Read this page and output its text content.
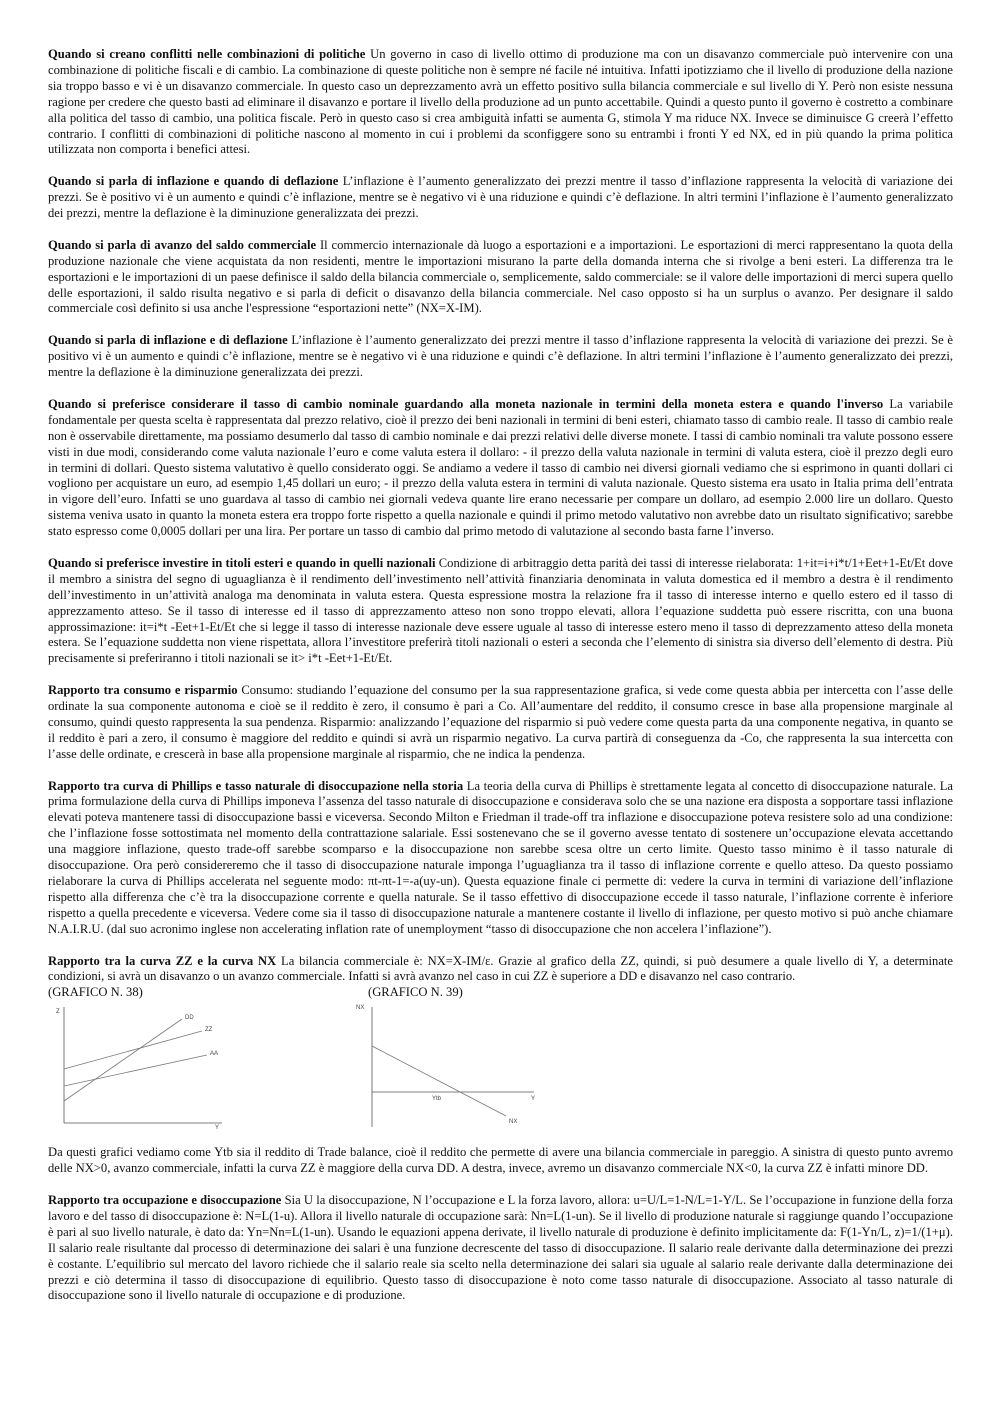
Quando si creano conflitti nelle combinazioni di politiche Un governo in caso di livello ottimo di produzione ma con un disavanzo commerciale può intervenire con una combinazione di politiche fiscali e di cambio. La combinazione di queste politiche non è sempre né facile né intuitiva. Infatti ipotizziamo che il livello di produzione della nazione sia troppo basso e vi è un disavanzo commerciale. In questo caso un deprezzamento avrà un effetto positivo sulla bilancia commerciale e sul livello di Y. Però non esiste nessuna ragione per credere che questo basti ad eliminare il disavanzo e portare il livello della produzione ad un punto accettabile. Quindi a questo punto il governo è costretto a combinare alla politica del tasso di cambio, una politica fiscale. Però in questo caso si crea ambiguità infatti se aumenta G, stimola Y ma riduce NX. Invece se diminuisce G creerà l’effetto contrario. I conflitti di combinazioni di politiche nascono al momento in cui i problemi da sconfiggere sono su entrambi i fronti Y ed NX, ed in più quando la prima politica utilizzata non comporta i benefici attesi.

Quando si parla di inflazione e quando di deflazione L’inflazione è l’aumento generalizzato dei prezzi mentre il tasso d’inflazione rappresenta la velocità di variazione dei prezzi. Se è positivo vi è un aumento e quindi c’è inflazione, mentre se è negativo vi è una riduzione e quindi c’è deflazione. In altri termini l’inflazione è l’aumento generalizzato dei prezzi, mentre la deflazione è la diminuzione generalizzata dei prezzi.

Quando si parla di avanzo del saldo commerciale Il commercio internazionale dà luogo a esportazioni e a importazioni. Le esportazioni di merci rappresentano la quota della produzione nazionale che viene acquistata da non residenti, mentre le importazioni misurano la parte della domanda interna che si rivolge a beni esteri. La differenza tra le esportazioni e le importazioni di un paese definisce il saldo della bilancia commerciale o, semplicemente, saldo commerciale: se il valore delle importazioni di merci supera quello delle esportazioni, il saldo risulta negativo e si parla di deficit o disavanzo della bilancia commerciale. Nel caso opposto si ha un surplus o avanzo. Per designare il saldo commerciale così definito si usa anche l'espressione “esportazioni nette” (NX=X-IM).

Quando si parla di inflazione e di deflazione L’inflazione è l’aumento generalizzato dei prezzi mentre il tasso d’inflazione rappresenta la velocità di variazione dei prezzi. Se è positivo vi è un aumento e quindi c’è inflazione, mentre se è negativo vi è una riduzione e quindi c’è deflazione. In altri termini l’inflazione è l’aumento generalizzato dei prezzi, mentre la deflazione è la diminuzione generalizzata dei prezzi.

Quando si preferisce considerare il tasso di cambio nominale guardando alla moneta nazionale in termini della moneta estera e quando l'inverso La variabile fondamentale per questa scelta è rappresentata dal prezzo relativo, cioè il prezzo dei beni nazionali in termini di beni esteri, chiamato tasso di cambio reale. Il tasso di cambio reale non è osservabile direttamente, ma possiamo desumerlo dal tasso di cambio nominale e dai prezzi relativi delle diverse monete. I tassi di cambio nominali tra valute possono essere visti in due modi, considerando come valuta nazionale l’euro e come valuta estera il dollaro: - il prezzo della valuta nazionale in termini di valuta estera, cioè il prezzo degli euro in termini di dollari. Questo sistema valutativo è quello considerato oggi. Se andiamo a vedere il tasso di cambio nei diversi giornali vediamo che si esprimono in quanti dollari ci vogliono per acquistare un euro, ad esempio 1,45 dollari un euro; - il prezzo della valuta estera in termini di valuta nazionale. Questo sistema era usato in Italia prima dell’entrata in vigore dell’euro. Infatti se uno guardava al tasso di cambio nei giornali vedeva quante lire erano necessarie per compare un dollaro, ad esempio 2.000 lire un dollaro. Questo sistema veniva usato in quanto la moneta estera era troppo forte rispetto a quella nazionale e quindi il primo metodo valutativo non avrebbe dato un risultato significativo; sarebbe stato espresso come 0,0005 dollari per una lira. Per portare un tasso di cambio dal primo metodo di valutazione al secondo basta farne l’inverso.

Quando si preferisce investire in titoli esteri e quando in quelli nazionali Condizione di arbitraggio detta parità dei tassi di interesse rielaborata: 1+it=i+i*t/1+Eet+1-Et/Et dove il membro a sinistra del segno di uguaglianza è il rendimento dell’investimento nell’attività finanziaria denominata in valuta domestica ed il membro a destra è il rendimento dell’investimento in un’attività analoga ma denominata in valuta estera. Questa espressione mostra la relazione fra il tasso di interesse interno e quello estero ed il tasso di apprezzamento atteso. Se il tasso di interesse ed il tasso di apprezzamento atteso non sono troppo elevati, allora l’equazione suddetta può essere riscritta, con una buona approssimazione: it=i*t -Eet+1-Et/Et che si legge il tasso di interesse nazionale deve essere uguale al tasso di interesse estero meno il tasso di deprezzamento atteso della moneta estera. Se l’equazione suddetta non viene rispettata, allora l’investitore preferirà titoli nazionali o esteri a seconda che l’elemento di sinistra sia diverso dell’elemento di destra. Più precisamente si preferiranno i titoli nazionali se it> i*t -Eet+1-Et/Et.

Rapporto tra consumo e risparmio Consumo: studiando l’equazione del consumo per la sua rappresentazione grafica, si vede come questa abbia per intercetta con l’asse delle ordinate la sua componente autonoma e cioè se il reddito è zero, il consumo è pari a Co. All’aumentare del reddito, il consumo cresce in base alla propensione marginale al consumo, quindi questo rappresenta la sua pendenza. Risparmio: analizzando l’equazione del risparmio si può vedere come questa parta da una componente negativa, in quanto se il reddito è pari a zero, il consumo è maggiore del reddito e quindi si avrà un risparmio negativo. La curva partirà di conseguenza da -Co, che rappresenta la sua intercetta con l’asse delle ordinate, e crescerà in base alla propensione marginale al risparmio, che ne indica la pendenza.

Rapporto tra curva di Phillips e tasso naturale di disoccupazione nella storia La teoria della curva di Phillips è strettamente legata al concetto di disoccupazione naturale. La prima formulazione della curva di Phillips imponeva l’assenza del tasso naturale di disoccupazione e considerava solo che se una nazione era disposta a sopportare tassi inflazione elevati poteva mantenere tassi di disoccupazione bassi e viceversa. Secondo Milton e Friedman il trade-off tra inflazione e disoccupazione poteva resistere solo ad una condizione: che l’inflazione fosse sottostimata nel momento della contrattazione salariale. Essi sostenevano che se il governo avesse tentato di sostenere un’occupazione elevata accettando una maggiore inflazione, questo trade-off sarebbe scomparso e la disoccupazione non sarebbe scesa oltre un certo limite. Questo tasso minimo è il tasso naturale di disoccupazione. Ora però considereremo che il tasso di disoccupazione naturale imponga l’uguaglianza tra il tasso di inflazione corrente e quello atteso. Da questo possiamo rielaborare la curva di Phillips accelerata nel seguente modo: πt-πt-1=-a(uy-un). Questa equazione finale ci permette di: vedere la curva in termini di variazione dell’inflazione rispetto alla differenza che c’è tra la disoccupazione corrente e quella naturale. Se il tasso effettivo di disoccupazione eccede il tasso naturale, l’inflazione corrente è inferiore rispetto a quella precedente e viceversa. Vedere come sia il tasso di disoccupazione naturale a mantenere costante il livello di inflazione, per questo motivo si può anche chiamare N.A.I.R.U. (dal suo acronimo inglese non accelerating inflation rate of unemployment “tasso di disoccupazione che non accelera l’inflazione”).

Rapporto tra la curva ZZ e la curva NX La bilancia commerciale è: NX=X-IM/ε. Grazie al grafico della ZZ, quindi, si può desumere a quale livello di Y, a determinate condizioni, si avrà un disavanzo o un avanzo commerciale. Infatti si avrà avanzo nel caso in cui ZZ è superiore a DD e disavanzo nel caso contrario.

(GRAFICO N. 38)	(GRAFICO N. 39)
Z
Y
DD
ZZ
AA
NX
Y
Ytb
NX

Da questi grafici vediamo come Ytb sia il reddito di Trade balance, cioè il reddito che permette di avere una bilancia commerciale in pareggio. A sinistra di questo punto avremo delle NX>0, avanzo commerciale, infatti la curva ZZ è maggiore della curva DD. A destra, invece, avremo un disavanzo commerciale NX<0, la curva ZZ è infatti minore DD.

Rapporto tra occupazione e disoccupazione Sia U la disoccupazione, N l’occupazione e L la forza lavoro, allora: u=U/L=1-N/L=1-Y/L. Se l’occupazione in funzione della forza lavoro e del tasso di disoccupazione è: N=L(1-u). Allora il livello naturale di occupazione sarà: Nn=L(1-un). Se il livello di produzione naturale si raggiunge quando l’occupazione è pari al suo livello naturale, è dato da: Yn=Nn=L(1-un). Usando le equazioni appena derivate, il livello naturale di produzione è definito implicitamente da: F(1-Yn/L, z)=1/(1+μ). Il salario reale risultante dal processo di determinazione dei salari è una funzione decrescente del tasso di disoccupazione. Il salario reale derivante dalla determinazione dei prezzi è costante. L’equilibrio sul mercato del lavoro richiede che il salario reale sia scelto nella determinazione dei salari sia uguale al salario reale derivante dalla determinazione dei prezzi e ciò determina il tasso di disoccupazione di equilibrio. Questo tasso di disoccupazione è noto come tasso naturale di disoccupazione. Associato al tasso naturale di disoccupazione sono il livello naturale di occupazione e di produzione.
